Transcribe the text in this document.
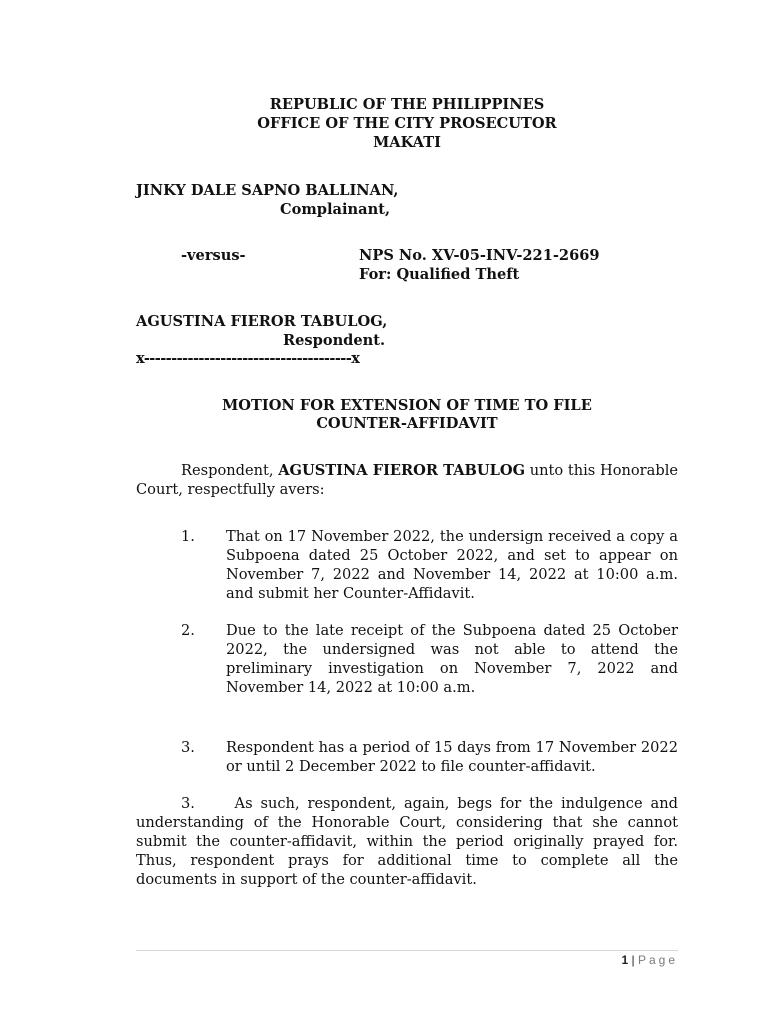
REPUBLIC OF THE PHILIPPINES
OFFICE OF THE CITY PROSECUTOR
MAKATI
JINKY DALE SAPNO BALLINAN,
Complainant,
-versus-	NPS No. XV-05-INV-221-2669
For: Qualified Theft
AGUSTINA FIEROR TABULOG,
Respondent.
x--------------------------------------x
MOTION FOR EXTENSION OF TIME TO FILE
COUNTER-AFFIDAVIT
Respondent, AGUSTINA FIEROR TABULOG unto this Honorable Court, respectfully avers:
1. That on 17 November 2022, the undersign received a copy a Subpoena dated 25 October 2022, and set to appear on November 7, 2022 and November 14, 2022 at 10:00 a.m. and submit her Counter-Affidavit.
2. Due to the late receipt of the Subpoena dated 25 October 2022, the undersigned was not able to attend the preliminary investigation on November 7, 2022 and November 14, 2022 at 10:00 a.m.
3. Respondent has a period of 15 days from 17 November 2022 or until 2 December 2022 to file counter-affidavit.
3.	As such, respondent, again, begs for the indulgence and understanding of the Honorable Court, considering that she cannot submit the counter-affidavit, within the period originally prayed for. Thus, respondent prays for additional time to complete all the documents in support of the counter-affidavit.
1 | Page
